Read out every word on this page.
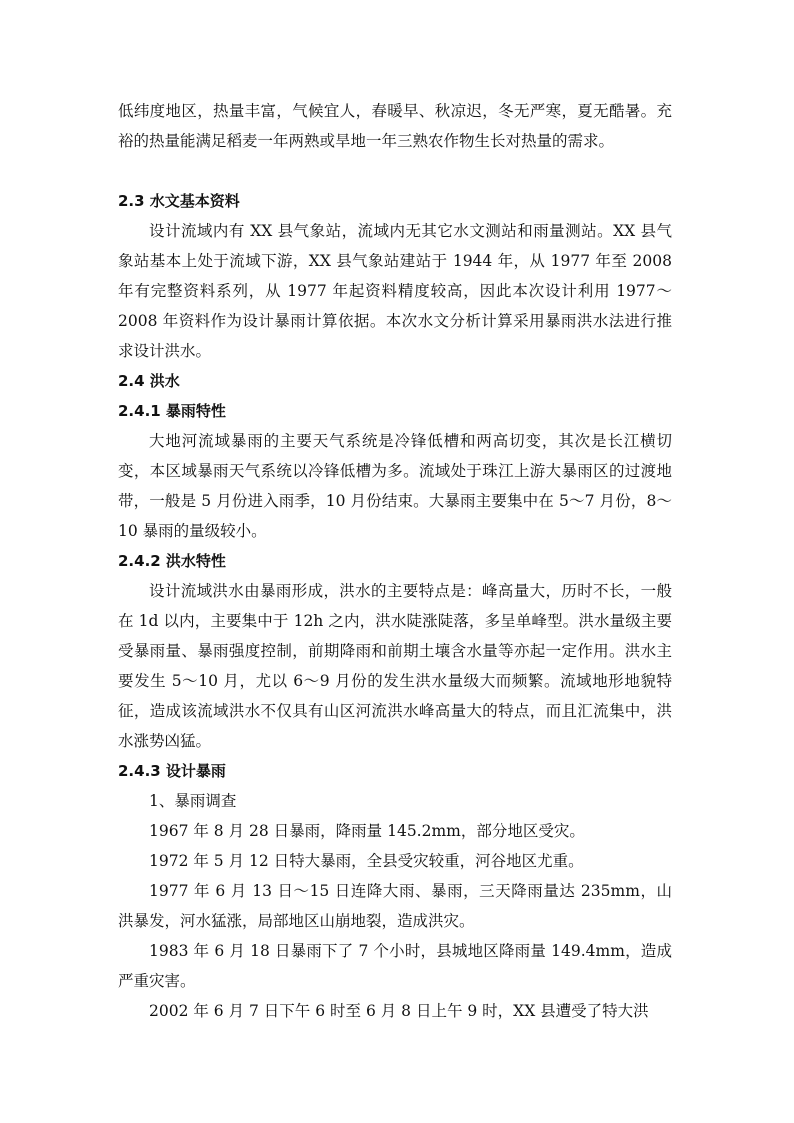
低纬度地区，热量丰富，气候宜人，春暖早、秋凉迟，冬无严寒，夏无酷暑。充裕的热量能满足稻麦一年两熟或旱地一年三熟农作物生长对热量的需求。

2.3 水文基本资料

设计流域内有 XX 县气象站，流域内无其它水文测站和雨量测站。XX 县气象站基本上处于流域下游，XX 县气象站建站于 1944 年，从 1977 年至 2008 年有完整资料系列，从 1977 年起资料精度较高，因此本次设计利用 1977～2008 年资料作为设计暴雨计算依据。本次水文分析计算采用暴雨洪水法进行推求设计洪水。

2.4 洪水

2.4.1 暴雨特性

大地河流域暴雨的主要天气系统是冷锋低槽和两高切变，其次是长江横切变，本区域暴雨天气系统以冷锋低槽为多。流域处于珠江上游大暴雨区的过渡地带，一般是 5 月份进入雨季，10 月份结束。大暴雨主要集中在 5～7 月份，8～10 暴雨的量级较小。

2.4.2 洪水特性

设计流域洪水由暴雨形成，洪水的主要特点是：峰高量大，历时不长，一般在 1d 以内，主要集中于 12h 之内，洪水陡涨陡落，多呈单峰型。洪水量级主要受暴雨量、暴雨强度控制，前期降雨和前期土壤含水量等亦起一定作用。洪水主要发生 5～10 月，尤以 6～9 月份的发生洪水量级大而频繁。流域地形地貌特征，造成该流域洪水不仅具有山区河流洪水峰高量大的特点，而且汇流集中，洪水涨势凶猛。

2.4.3 设计暴雨

1、暴雨调查

1967 年 8 月 28 日暴雨，降雨量 145.2mm，部分地区受灾。

1972 年 5 月 12 日特大暴雨，全县受灾较重，河谷地区尤重。

1977 年 6 月 13 日～15 日连降大雨、暴雨，三天降雨量达 235mm，山洪暴发，河水猛涨，局部地区山崩地裂，造成洪灾。

1983 年 6 月 18 日暴雨下了 7 个小时，县城地区降雨量 149.4mm，造成严重灾害。

2002 年 6 月 7 日下午 6 时至 6 月 8 日上午 9 时，XX 县遭受了特大洪
